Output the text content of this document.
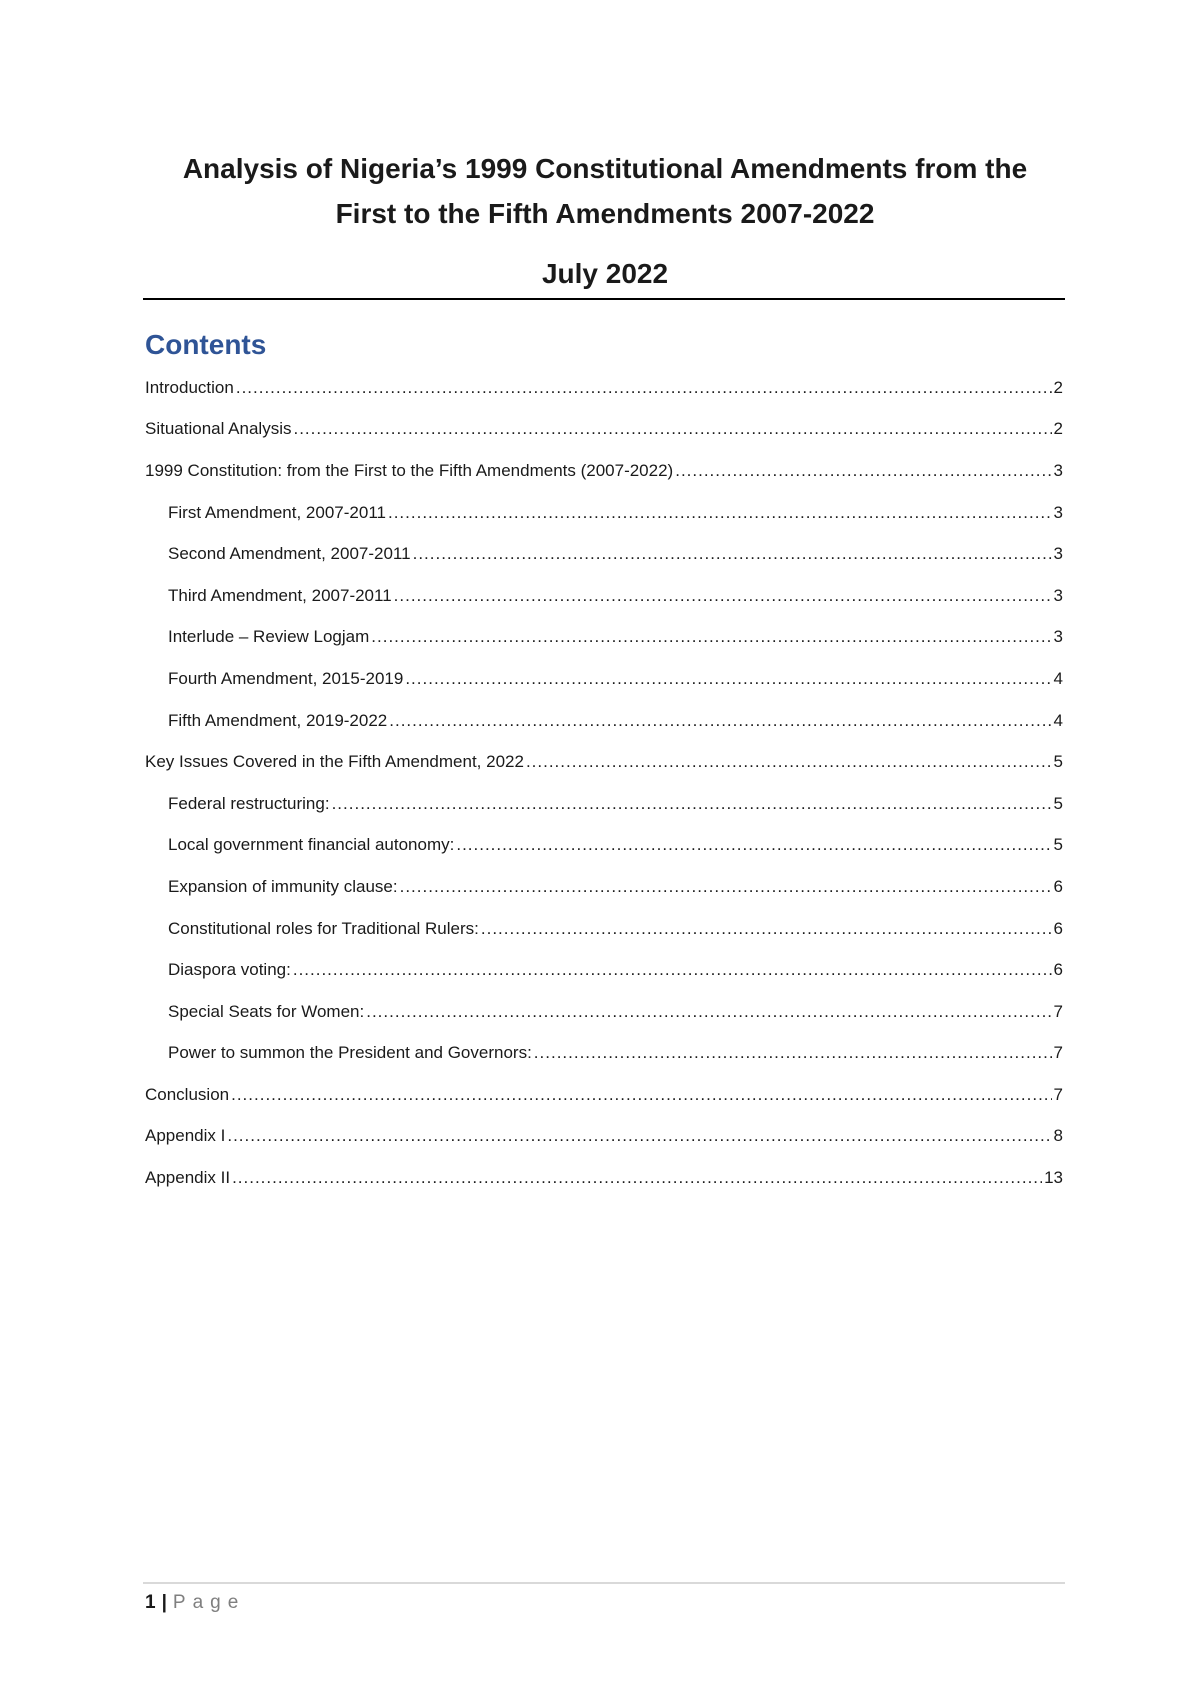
Analysis of Nigeria’s 1999 Constitutional Amendments from the
First to the Fifth Amendments 2007-2022

July 2022

Contents
Introduction .....	2
Situational Analysis .....	2
1999 Constitution: from the First to the Fifth Amendments (2007-2022) .....	3
First Amendment, 2007-2011 .....	3
Second Amendment, 2007-2011 .....	3
Third Amendment, 2007-2011 .....	3
Interlude – Review Logjam .....	3
Fourth Amendment, 2015-2019 .....	4
Fifth Amendment, 2019-2022 .....	4
Key Issues Covered in the Fifth Amendment, 2022 .....	5
Federal restructuring: .....	5
Local government financial autonomy: .....	5
Expansion of immunity clause: .....	6
Constitutional roles for Traditional Rulers: .....	6
Diaspora voting: .....	6
Special Seats for Women: .....	7
Power to summon the President and Governors: .....	7
Conclusion .....	7
Appendix I .....	8
Appendix II .....	13
1 | Page
